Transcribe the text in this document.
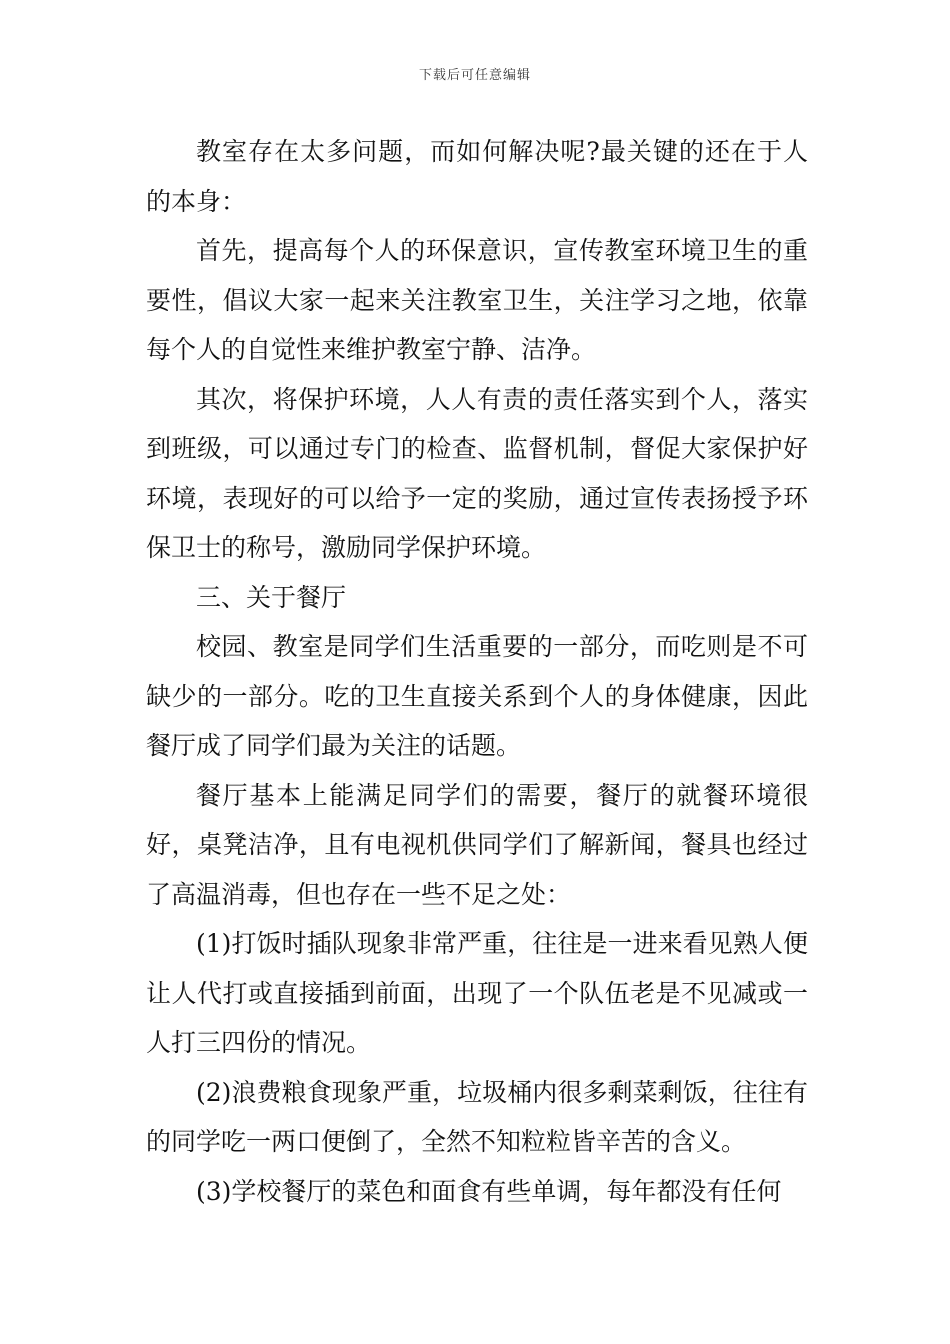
下载后可任意编辑

教室存在太多问题，而如何解决呢?最关键的还在于人的本身：

首先，提高每个人的环保意识，宣传教室环境卫生的重要性，倡议大家一起来关注教室卫生，关注学习之地，依靠每个人的自觉性来维护教室宁静、洁净。

其次，将保护环境，人人有责的责任落实到个人，落实到班级，可以通过专门的检查、监督机制，督促大家保护好环境，表现好的可以给予一定的奖励，通过宣传表扬授予环保卫士的称号，激励同学保护环境。

三、关于餐厅

校园、教室是同学们生活重要的一部分，而吃则是不可缺少的一部分。吃的卫生直接关系到个人的身体健康，因此餐厅成了同学们最为关注的话题。

餐厅基本上能满足同学们的需要，餐厅的就餐环境很好，桌凳洁净，且有电视机供同学们了解新闻，餐具也经过了高温消毒，但也存在一些不足之处：

(1)打饭时插队现象非常严重，往往是一进来看见熟人便让人代打或直接插到前面，出现了一个队伍老是不见减或一人打三四份的情况。

(2)浪费粮食现象严重，垃圾桶内很多剩菜剩饭，往往有的同学吃一两口便倒了，全然不知粒粒皆辛苦的含义。

(3)学校餐厅的菜色和面食有些单调，每年都没有任何
